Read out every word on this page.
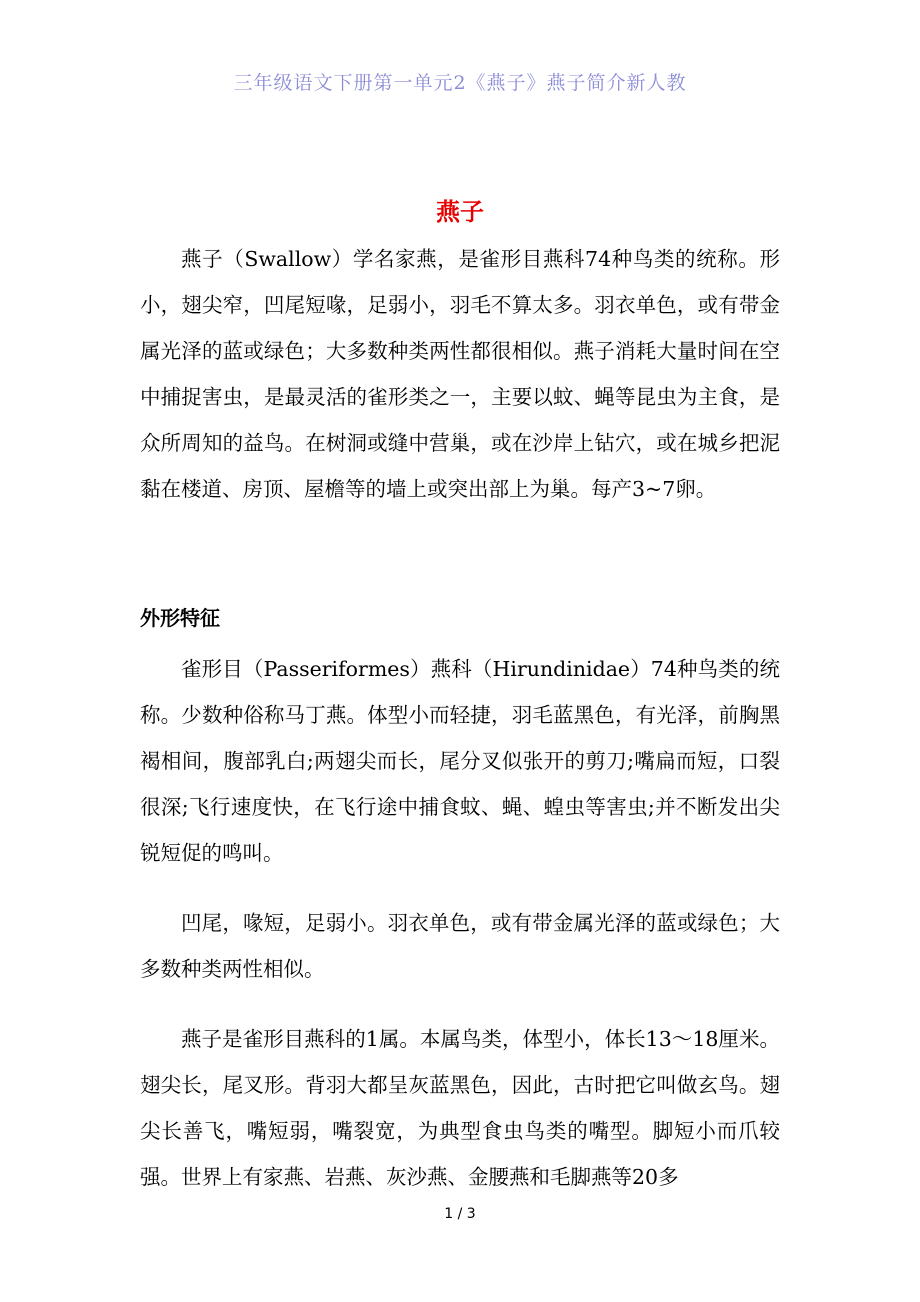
三年级语文下册第一单元2《燕子》燕子简介新人教
燕子

燕子（Swallow）学名家燕，是雀形目燕科74种鸟类的统称。形小，翅尖窄，凹尾短喙，足弱小，羽毛不算太多。羽衣单色，或有带金属光泽的蓝或绿色；大多数种类两性都很相似。燕子消耗大量时间在空中捕捉害虫，是最灵活的雀形类之一，主要以蚊、蝇等昆虫为主食，是众所周知的益鸟。在树洞或缝中营巢，或在沙岸上钻穴，或在城乡把泥黏在楼道、房顶、屋檐等的墙上或突出部上为巢。每产3~7卵。

外形特征

雀形目（Passeriformes）燕科（Hirundinidae）74种鸟类的统称。少数种俗称马丁燕。体型小而轻捷，羽毛蓝黑色，有光泽，前胸黑褐相间，腹部乳白;两翅尖而长，尾分叉似张开的剪刀;嘴扁而短，口裂很深;飞行速度快，在飞行途中捕食蚊、蝇、蝗虫等害虫;并不断发出尖锐短促的鸣叫。

凹尾，喙短，足弱小。羽衣单色，或有带金属光泽的蓝或绿色；大多数种类两性相似。

燕子是雀形目燕科的1属。本属鸟类，体型小，体长13～18厘米。翅尖长，尾叉形。背羽大都呈灰蓝黑色，因此，古时把它叫做玄鸟。翅尖长善飞，嘴短弱，嘴裂宽，为典型食虫鸟类的嘴型。脚短小而爪较强。世界上有家燕、岩燕、灰沙燕、金腰燕和毛脚燕等20多

1 / 3
